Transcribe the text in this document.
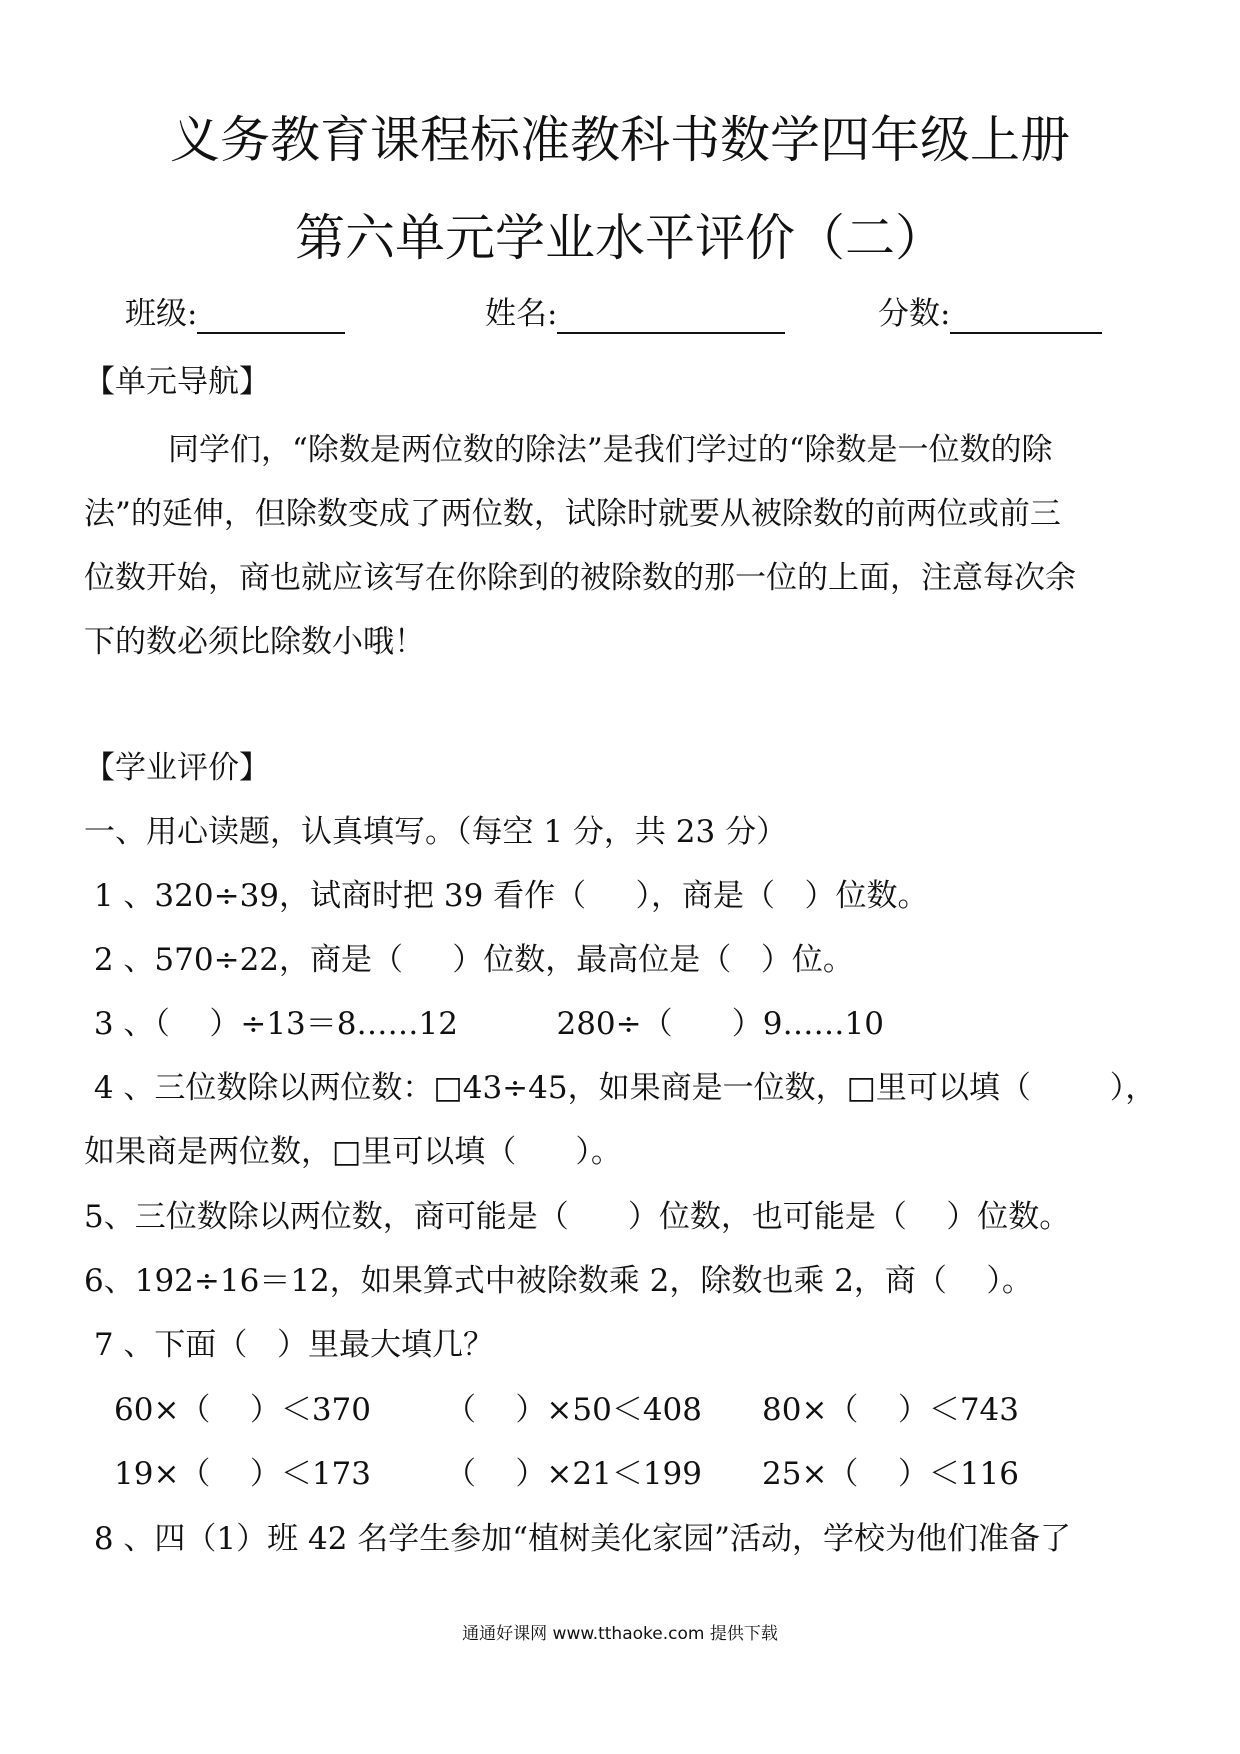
义务教育课程标准教科书数学四年级上册
第六单元学业水平评价（二）
班级:	姓名:	分数:
【单元导航】
同学们，“除数是两位数的除法”是我们学过的“除数是一位数的除
法”的延伸，但除数变成了两位数，试除时就要从被除数的前两位或前三
位数开始，商也就应该写在你除到的被除数的那一位的上面，注意每次余
下的数必须比除数小哦！
【学业评价】
一、用心读题，认真填写。（每空 1 分，共 23 分）
1 、320÷39，试商时把 39 看作（     ），商是（   ）位数。
2 、570÷22，商是（     ）位数，最高位是（   ）位。
3 、（    ）÷13＝8……12          280÷（      ）9……10
4 、三位数除以两位数：□43÷45，如果商是一位数，□里可以填（        ），
如果商是两位数，□里可以填（      ）。
5、三位数除以两位数，商可能是（      ）位数，也可能是（    ）位数。
6、192÷16＝12，如果算式中被除数乘 2，除数也乘 2，商（    ）。
7 、下面（   ）里最大填几？
60×（    ）＜370 （    ）×50＜408 80×（    ）＜743
19×（    ）＜173 （    ）×21＜199 25×（    ）＜116
8 、四（1）班 42 名学生参加“植树美化家园”活动，学校为他们准备了
通通好课网 www.tthaoke.com 提供下载
